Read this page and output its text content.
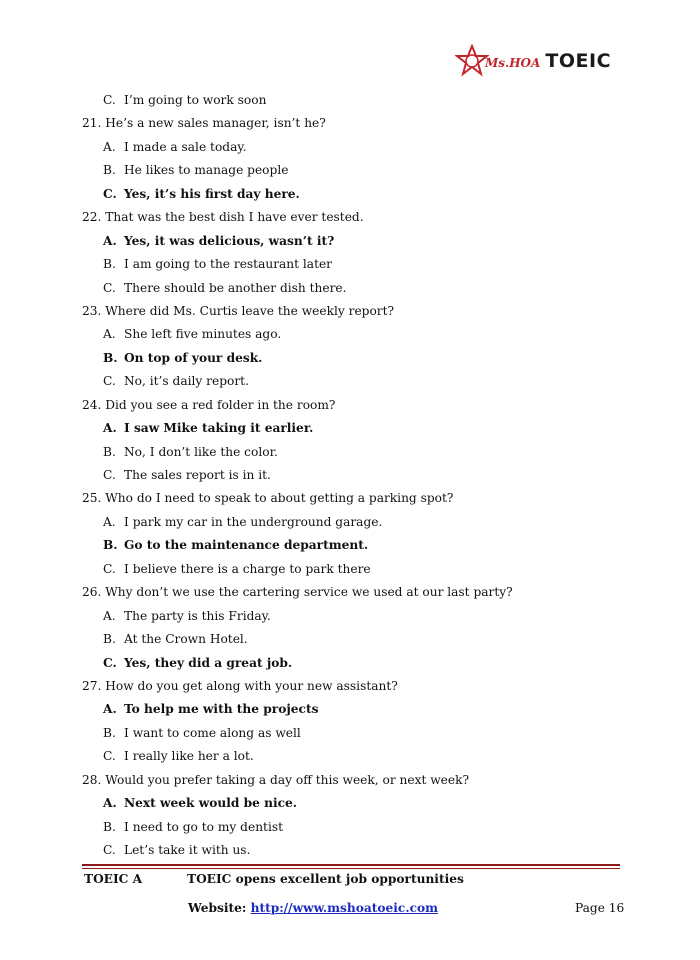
Ms.HOA TOEIC
C. I’m going to work soon
21. He’s a new sales manager, isn’t he?
A. I made a sale today.
B. He likes to manage people
C. Yes, it’s his first day here.
22. That was the best dish I have ever tested.
A. Yes, it was delicious, wasn’t it?
B. I am going to the restaurant later
C. There should be another dish there.
23. Where did Ms. Curtis leave the weekly report?
A. She left five minutes ago.
B. On top of your desk.
C. No, it’s daily report.
24. Did you see a red folder in the room?
A. I saw Mike taking it earlier.
B. No, I don’t like the color.
C. The sales report is in it.
25. Who do I need to speak to about getting a parking spot?
A. I park my car in the underground garage.
B. Go to the maintenance department.
C. I believe there is a charge to park there
26. Why don’t we use the cartering service we used at our last party?
A. The party is this Friday.
B. At the Crown Hotel.
C. Yes, they did a great job.
27. How do you get along with your new assistant?
A. To help me with the projects
B. I want to come along as well
C. I really like her a lot.
28. Would you prefer taking a day off this week, or next week?
A. Next week would be nice.
B. I need to go to my dentist
C. Let’s take it with us.
TOEIC A	TOEIC opens excellent job opportunities
Website: http://www.mshoatoeic.com	Page 16
